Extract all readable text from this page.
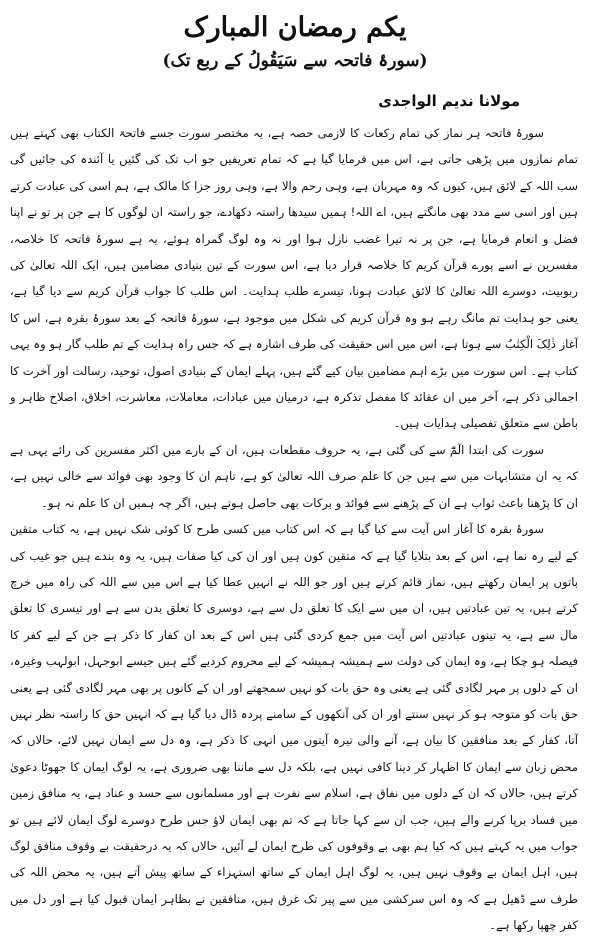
یکم رمضان المبارک
(سورۂ فاتحہ سے سَیَقُولُ کے ربع تک)
مولانا ندیم الواجدی

سورۂ فاتحہ ہر نماز کی تمام رکعات کا لازمی حصہ ہے، یہ مختصر سورت جسے فاتحۃ الکتاب بھی کہتے ہیں تمام نمازوں میں پڑھی جاتی ہے، اس میں فرمایا گیا ہے کہ تمام تعریفیں جو اب تک کی گئیں یا آئندہ کی جائیں گی سب اللہ کے لائق ہیں، کیوں کہ وہ مہربان ہے، وہی رحم والا ہے، وہی روز جزا کا مالک ہے، ہم اسی کی عبادت کرتے ہیں اور اسی سے مدد بھی مانگتے ہیں، اے اللہ! ہمیں سیدھا راستہ دکھادے، جو راستہ ان لوگوں کا ہے جن پر تو نے اپنا فضل و انعام فرمایا ہے، جن پر نہ تیرا غضب نازل ہوا اور نہ وہ لوگ گمراہ ہوئے، یہ ہے سورۂ فاتحہ کا خلاصہ، مفسرین نے اسے پورے قرآن کریم کا خلاصہ قرار دیا ہے، اس سورت کے تین بنیادی مضامین ہیں، ایک اللہ تعالیٰ کی ربوبیت، دوسرے اللہ تعالیٰ کا لائق عبادت ہونا، تیسرے طلب ہدایت۔ اس طلب کا جواب قرآن کریم سے دیا گیا ہے، یعنی جو ہدایت تم مانگ رہے ہو وہ قرآن کریم کی شکل میں موجود ہے، سورۂ فاتحہ کے بعد سورۂ بقرہ ہے، اس کا آغاز ذٰلِکَ الْکِتٰبُ سے ہوتا ہے، اس میں اس حقیقت کی طرف اشارہ ہے کہ جس راہ ہدایت کے تم طلب گار ہو وہ یہی کتاب ہے۔ اس سورت میں بڑے اہم مضامین بیان کیے گئے ہیں، پہلے ایمان کے بنیادی اصول، توحید، رسالت اور آخرت کا اجمالی ذکر ہے، آخر میں ان عقائد کا مفصل تذکرہ ہے، درمیان میں عبادات، معاملات، معاشرت، اخلاق، اصلاح ظاہر و باطن سے متعلق تفصیلی ہدایات ہیں۔

سورت کی ابتدا الٓمّٓ سے کی گئی ہے، یہ حروف مقطعات ہیں، ان کے بارے میں اکثر مفسرین کی رائے یہی ہے کہ یہ ان متشابہات میں سے ہیں جن کا علم صرف اللہ تعالیٰ کو ہے، تاہم ان کا وجود بھی فوائد سے خالی نہیں ہے، ان کا پڑھنا باعث ثواب ہے ان کے پڑھنے سے فوائد و برکات بھی حاصل ہوتے ہیں، اگر چہ ہمیں ان کا علم نہ ہو۔

سورۂ بقرہ کا آغاز اس آیت سے کیا گیا ہے کہ اس کتاب میں کسی طرح کا کوئی شک نہیں ہے، یہ کتاب متقین کے لیے رہ نما ہے، اس کے بعد بتلایا گیا ہے کہ متقین کون ہیں اور ان کی کیا صفات ہیں، یہ وہ بندے ہیں جو غیب کی باتوں پر ایمان رکھتے ہیں، نماز قائم کرتے ہیں اور جو اللہ نے انہیں عطا کیا ہے اس میں سے اللہ کی راہ میں خرچ کرتے ہیں، یہ تین عبادتیں ہیں، ان میں سے ایک کا تعلق دل سے ہے، دوسری کا تعلق بدن سے ہے اور تیسری کا تعلق مال سے ہے، یہ تینوں عبادتیں اس آیت میں جمع کردی گئی ہیں اس کے بعد ان کفار کا ذکر ہے جن کے لیے کفر کا فیصلہ ہو چکا ہے، وہ ایمان کی دولت سے ہمیشہ ہمیشہ کے لیے محروم کردیے گئے ہیں جیسے ابوجہل، ابولہب وغیرہ، ان کے دلوں پر مہر لگادی گئی ہے یعنی وہ حق بات کو نہیں سمجھتے اور ان کے کانوں پر بھی مہر لگادی گئی ہے یعنی حق بات کو متوجہ ہو کر نہیں سنتے اور ان کی آنکھوں کے سامنے پردہ ڈال دیا گیا ہے کہ انہیں حق کا راستہ نظر نہیں آتا، کفار کے بعد منافقین کا بیان ہے، آنے والی تیرہ آیتوں میں انہی کا ذکر ہے، وہ دل سے ایمان نہیں لائے، حالاں کہ محض زبان سے ایمان کا اظہار کر دینا کافی نہیں ہے، بلکہ دل سے ماننا بھی ضروری ہے، یہ لوگ ایمان کا جھوٹا دعویٰ کرتے ہیں، حالاں کہ ان کے دلوں میں نفاق ہے، اسلام سے نفرت ہے اور مسلمانوں سے حسد و عناد ہے، یہ منافق زمین میں فساد برپا کرنے والے ہیں، جب ان سے کہا جاتا ہے کہ تم بھی ایمان لاؤ جس طرح دوسرے لوگ ایمان لائے ہیں تو جواب میں یہ کہتے ہیں کہ کیا ہم بھی بے وقوفوں کی طرح ایمان لے آئیں، حالاں کہ یہ درحقیقت بے وقوف منافق لوگ ہیں، اہل ایمان بے وقوف نہیں ہیں، یہ لوگ اہل ایمان کے ساتھ استہزاء کے ساتھ پیش آتے ہیں، یہ محض اللہ کی طرف سے ڈھیل ہے کہ وہ اس سرکشی میں سے پیر تک غرق ہیں، منافقین نے بظاہر ایمان قبول کیا ہے اور دل میں کفر چھپا رکھا ہے۔
